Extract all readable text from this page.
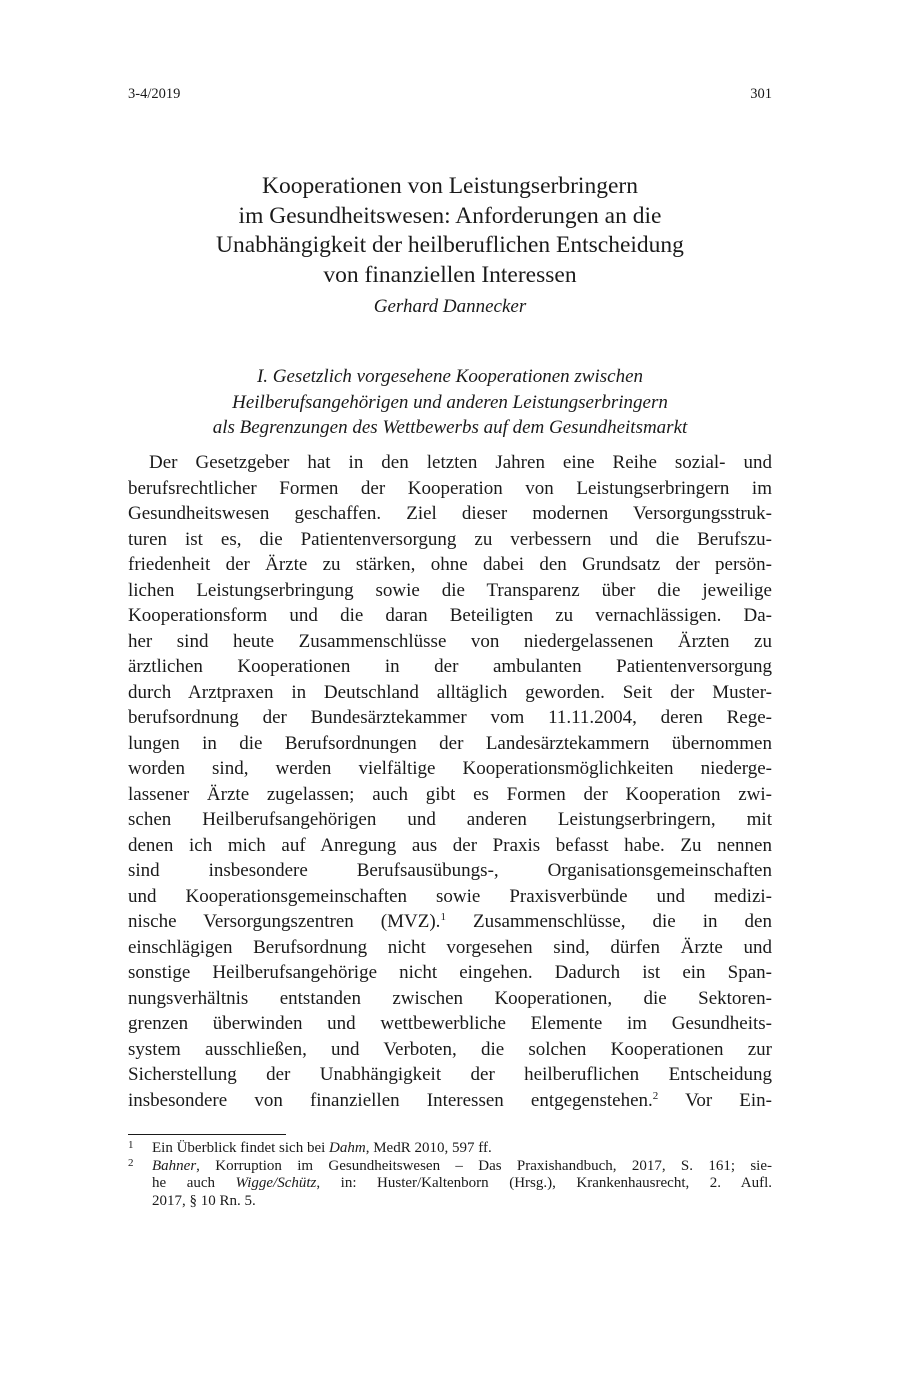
3-4/2019	301
Kooperationen von Leistungserbringern
im Gesundheitswesen: Anforderungen an die
Unabhängigkeit der heilberuflichen Entscheidung
von finanziellen Interessen
Gerhard Dannecker
I. Gesetzlich vorgesehene Kooperationen zwischen
Heilberufsangehörigen und anderen Leistungserbringern
als Begrenzungen des Wettbewerbs auf dem Gesundheitsmarkt
Der Gesetzgeber hat in den letzten Jahren eine Reihe sozial- und
berufsrechtlicher Formen der Kooperation von Leistungserbringern im
Gesundheitswesen geschaffen. Ziel dieser modernen Versorgungsstruk-
turen ist es, die Patientenversorgung zu verbessern und die Berufszu-
friedenheit der Ärzte zu stärken, ohne dabei den Grundsatz der persön-
lichen Leistungserbringung sowie die Transparenz über die jeweilige
Kooperationsform und die daran Beteiligten zu vernachlässigen. Da-
her sind heute Zusammenschlüsse von niedergelassenen Ärzten zu
ärztlichen Kooperationen in der ambulanten Patientenversorgung
durch Arztpraxen in Deutschland alltäglich geworden. Seit der Muster-
berufsordnung der Bundesärztekammer vom 11.11.2004, deren Rege-
lungen in die Berufsordnungen der Landesärztekammern übernommen
worden sind, werden vielfältige Kooperationsmöglichkeiten niederge-
lassener Ärzte zugelassen; auch gibt es Formen der Kooperation zwi-
schen Heilberufsangehörigen und anderen Leistungserbringern, mit
denen ich mich auf Anregung aus der Praxis befasst habe. Zu nennen
sind insbesondere Berufsausübungs-, Organisationsgemeinschaften
und Kooperationsgemeinschaften sowie Praxisverbünde und medizi-
nische Versorgungszentren (MVZ).$^1$ Zusammenschlüsse, die in den
einschlägigen Berufsordnung nicht vorgesehen sind, dürfen Ärzte und
sonstige Heilberufsangehörige nicht eingehen. Dadurch ist ein Span-
nungsverhältnis entstanden zwischen Kooperationen, die Sektoren-
grenzen überwinden und wettbewerbliche Elemente im Gesundheits-
system ausschließen, und Verboten, die solchen Kooperationen zur
Sicherstellung der Unabhängigkeit der heilberuflichen Entscheidung
insbesondere von finanziellen Interessen entgegenstehen.$^2$ Vor Ein-
1 Ein Überblick findet sich bei Dahm, MedR 2010, 597 ff.
2 Bahner, Korruption im Gesundheitswesen – Das Praxishandbuch, 2017, S. 161; sie-
he auch Wigge/Schütz, in: Huster/Kaltenborn (Hrsg.), Krankenhausrecht, 2. Aufl.
2017, § 10 Rn. 5.
